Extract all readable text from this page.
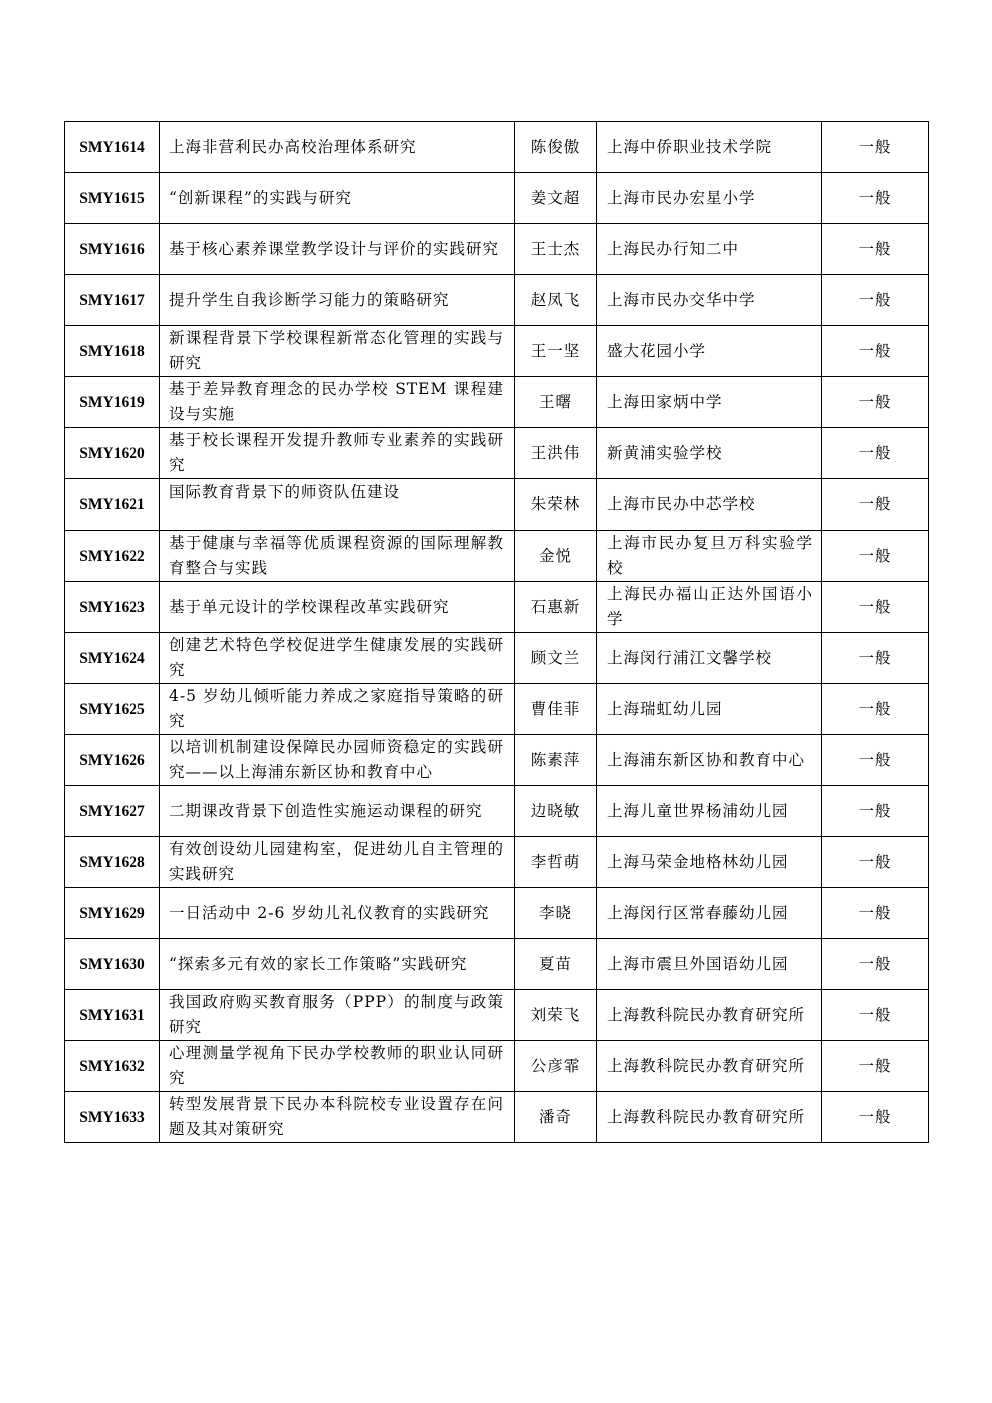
SMY1614	上海非营利民办高校治理体系研究	陈俊傲	上海中侨职业技术学院	一般
SMY1615	“创新课程”的实践与研究	姜文超	上海市民办宏星小学	一般
SMY1616	基于核心素养课堂教学设计与评价的实践研究	王士杰	上海民办行知二中	一般
SMY1617	提升学生自我诊断学习能力的策略研究	赵凤飞	上海市民办交华中学	一般
SMY1618	新课程背景下学校课程新常态化管理的实践与研究	王一坚	盛大花园小学	一般
SMY1619	基于差异教育理念的民办学校 STEM 课程建设与实施	王曙	上海田家炳中学	一般
SMY1620	基于校长课程开发提升教师专业素养的实践研究	王洪伟	新黄浦实验学校	一般
SMY1621	国际教育背景下的师资队伍建设	朱荣林	上海市民办中芯学校	一般
SMY1622	基于健康与幸福等优质课程资源的国际理解教育整合与实践	金悦	上海市民办复旦万科实验学校	一般
SMY1623	基于单元设计的学校课程改革实践研究	石惠新	上海民办福山正达外国语小学	一般
SMY1624	创建艺术特色学校促进学生健康发展的实践研究	顾文兰	上海闵行浦江文馨学校	一般
SMY1625	4-5 岁幼儿倾听能力养成之家庭指导策略的研究	曹佳菲	上海瑞虹幼儿园	一般
SMY1626	以培训机制建设保障民办园师资稳定的实践研究——以上海浦东新区协和教育中心	陈素萍	上海浦东新区协和教育中心	一般
SMY1627	二期课改背景下创造性实施运动课程的研究	边晓敏	上海儿童世界杨浦幼儿园	一般
SMY1628	有效创设幼儿园建构室，促进幼儿自主管理的实践研究	李哲萌	上海马荣金地格林幼儿园	一般
SMY1629	一日活动中 2-6 岁幼儿礼仪教育的实践研究	李晓	上海闵行区常春藤幼儿园	一般
SMY1630	“探索多元有效的家长工作策略”实践研究	夏苗	上海市震旦外国语幼儿园	一般
SMY1631	我国政府购买教育服务（PPP）的制度与政策研究	刘荣飞	上海教科院民办教育研究所	一般
SMY1632	心理测量学视角下民办学校教师的职业认同研究	公彦霏	上海教科院民办教育研究所	一般
SMY1633	转型发展背景下民办本科院校专业设置存在问题及其对策研究	潘奇	上海教科院民办教育研究所	一般
